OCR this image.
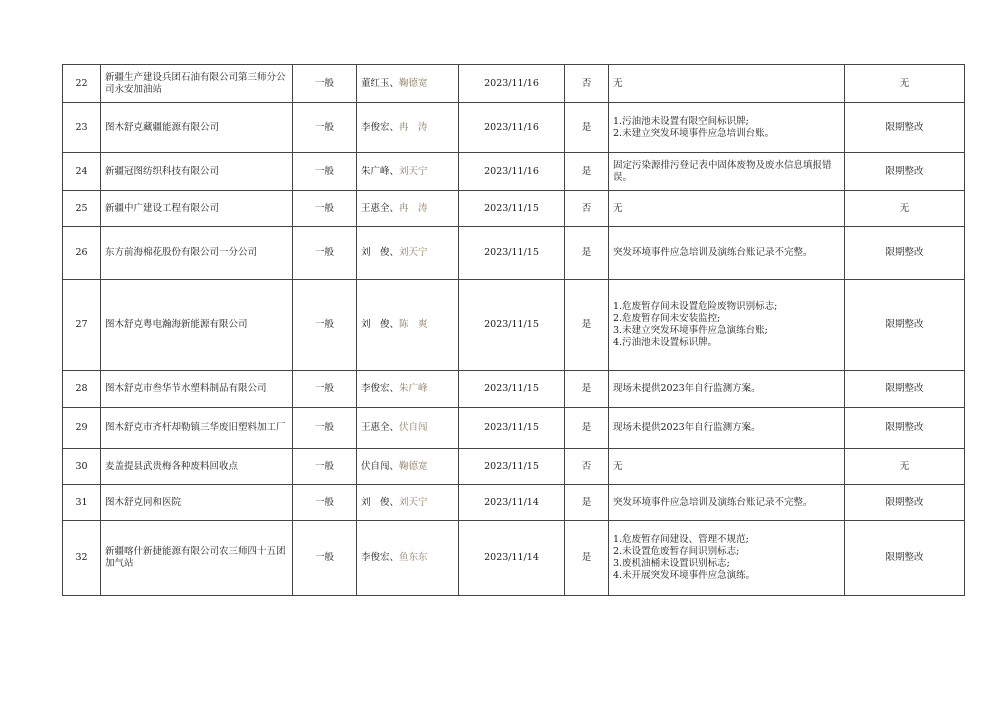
22	新疆生产建设兵团石油有限公司第三师分公司永安加油站	一般	董红玉、鞠德宽	2023/11/16	否	无	无
23	图木舒克藏疆能源有限公司	一般	李俊宏、冉　涛	2023/11/16	是	1.污油池未设置有限空间标识牌;
2.未建立突发环境事件应急培训台账。	限期整改
24	新疆冠图纺织科技有限公司	一般	朱广峰、刘天宁	2023/11/16	是	固定污染源排污登记表中固体废物及废水信息填报错误。	限期整改
25	新疆中广建设工程有限公司	一般	王惠全、冉　涛	2023/11/15	否	无	无
26	东方前海棉花股份有限公司一分公司	一般	刘　俊、刘天宁	2023/11/15	是	突发环境事件应急培训及演练台账记录不完整。	限期整改
27	图木舒克粤电瀚海新能源有限公司	一般	刘　俊、陈　爽	2023/11/15	是	1.危废暂存间未设置危险废物识别标志;
2.危废暂存间未安装监控;
3.未建立突发环境事件应急演练台账;
4.污油池未设置标识牌。	限期整改
28	图木舒克市叁华节水塑料制品有限公司	一般	李俊宏、朱广峰	2023/11/15	是	现场未提供2023年自行监测方案。	限期整改
29	图木舒克市齐杆却勒镇三华废旧塑料加工厂	一般	王惠全、伏自闯	2023/11/15	是	现场未提供2023年自行监测方案。	限期整改
30	麦盖提县武贵梅各种废料回收点	一般	伏自闯、鞠德宽	2023/11/15	否	无	无
31	图木舒克同和医院	一般	刘　俊、刘天宁	2023/11/14	是	突发环境事件应急培训及演练台账记录不完整。	限期整改
32	新疆喀什新捷能源有限公司农三师四十五团加气站	一般	李俊宏、鱼东东	2023/11/14	是	1.危废暂存间建设、管理不规范;
2.未设置危废暂存间识别标志;
3.废机油桶未设置识别标志;
4.未开展突发环境事件应急演练。	限期整改
